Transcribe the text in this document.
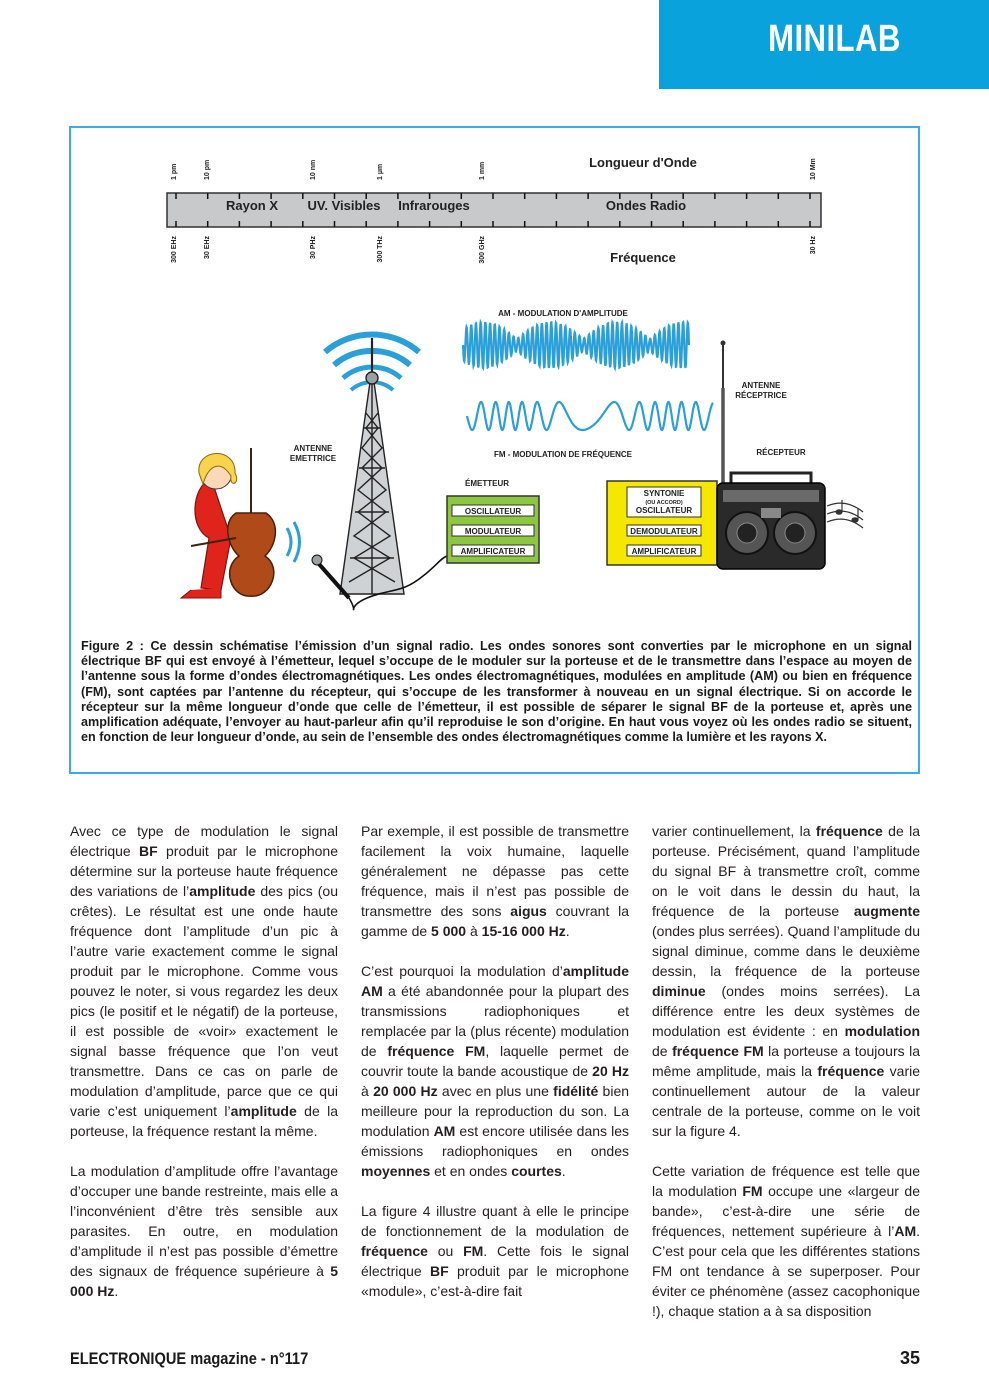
MINILAB
Longueur d'Onde
Fréquence
Rayon X UV. Visibles Infrarouges	Ondes Radio
1 pm	10 pm	10 nm	1 µm	1 mm	10 Mm
300 EHz	30 EHz	30 PHz	300 THz	300 GHz	30 Hz
AM - MODULATION D'AMPLITUDE
FM - MODULATION DE FRÉQUENCE
ANTENNE
EMETTRICE
ÉMETTEUR
OSCILLATEUR
MODULATEUR
AMPLIFICATEUR
SYNTONIE
(OU ACCORD)
OSCILLATEUR
DEMODULATEUR
AMPLIFICATEUR
ANTENNE
RÉCEPTRICE
RÉCEPTEUR
Figure 2 : Ce dessin schématise l’émission d’un signal radio. Les ondes sonores sont converties par le microphone en un signal électrique BF qui est envoyé à l’émetteur, lequel s’occupe de le moduler sur la porteuse et de le transmettre dans l’espace au moyen de l’antenne sous la forme d’ondes électromagnétiques. Les ondes électromagnétiques, modulées en amplitude (AM) ou bien en fréquence (FM), sont captées par l’antenne du récepteur, qui s’occupe de les transformer à nouveau en un signal électrique. Si on accorde le récepteur sur la même longueur d’onde que celle de l’émetteur, il est possible de séparer le signal BF de la porteuse et, après une amplification adéquate, l’envoyer au haut-parleur afin qu’il reproduise le son d’origine. En haut vous voyez où les ondes radio se situent, en fonction de leur longueur d’onde, au sein de l’ensemble des ondes électromagnétiques comme la lumière et les rayons X.

Avec ce type de modulation le signal électrique BF produit par le microphone détermine sur la porteuse haute fréquence des variations de l’amplitude des pics (ou crêtes). Le résultat est une onde haute fréquence dont l’amplitude d’un pic à l’autre varie exactement comme le signal produit par le microphone. Comme vous pouvez le noter, si vous regardez les deux pics (le positif et le négatif) de la porteuse, il est possible de «voir» exactement le signal basse fréquence que l’on veut transmettre. Dans ce cas on parle de modulation d’amplitude, parce que ce qui varie c’est uniquement l’amplitude de la porteuse, la fréquence restant la même.

La modulation d’amplitude offre l’avantage d’occuper une bande restreinte, mais elle a l’inconvénient d’être très sensible aux parasites. En outre, en modulation d’amplitude il n’est pas possible d’émettre des signaux de fréquence supérieure à 5 000 Hz.

Par exemple, il est possible de transmettre facilement la voix humaine, laquelle généralement ne dépasse pas cette fréquence, mais il n’est pas possible de transmettre des sons aigus couvrant la gamme de 5 000 à 15-16 000 Hz.

C’est pourquoi la modulation d’amplitude AM a été abandonnée pour la plupart des transmissions radiophoniques et remplacée par la (plus récente) modulation de fréquence FM, laquelle permet de couvrir toute la bande acoustique de 20 Hz à 20 000 Hz avec en plus une fidélité bien meilleure pour la reproduction du son. La modulation AM est encore utilisée dans les émissions radiophoniques en ondes moyennes et en ondes courtes.

La figure 4 illustre quant à elle le principe de fonctionnement de la modulation de fréquence ou FM. Cette fois le signal électrique BF produit par le microphone «module», c’est-à-dire fait

varier continuellement, la fréquence de la porteuse. Précisément, quand l’amplitude du signal BF à transmettre croît, comme on le voit dans le dessin du haut, la fréquence de la porteuse augmente (ondes plus serrées). Quand l’amplitude du signal diminue, comme dans le deuxième dessin, la fréquence de la porteuse diminue (ondes moins serrées). La différence entre les deux systèmes de modulation est évidente : en modulation de fréquence FM la porteuse a toujours la même amplitude, mais la fréquence varie continuellement autour de la valeur centrale de la porteuse, comme on le voit sur la figure 4.

Cette variation de fréquence est telle que la modulation FM occupe une «largeur de bande», c’est-à-dire une série de fréquences, nettement supérieure à l’AM. C’est pour cela que les différentes stations FM ont tendance à se superposer. Pour éviter ce phénomène (assez cacophonique !), chaque station a à sa disposition

ELECTRONIQUE magazine - n°117	35
